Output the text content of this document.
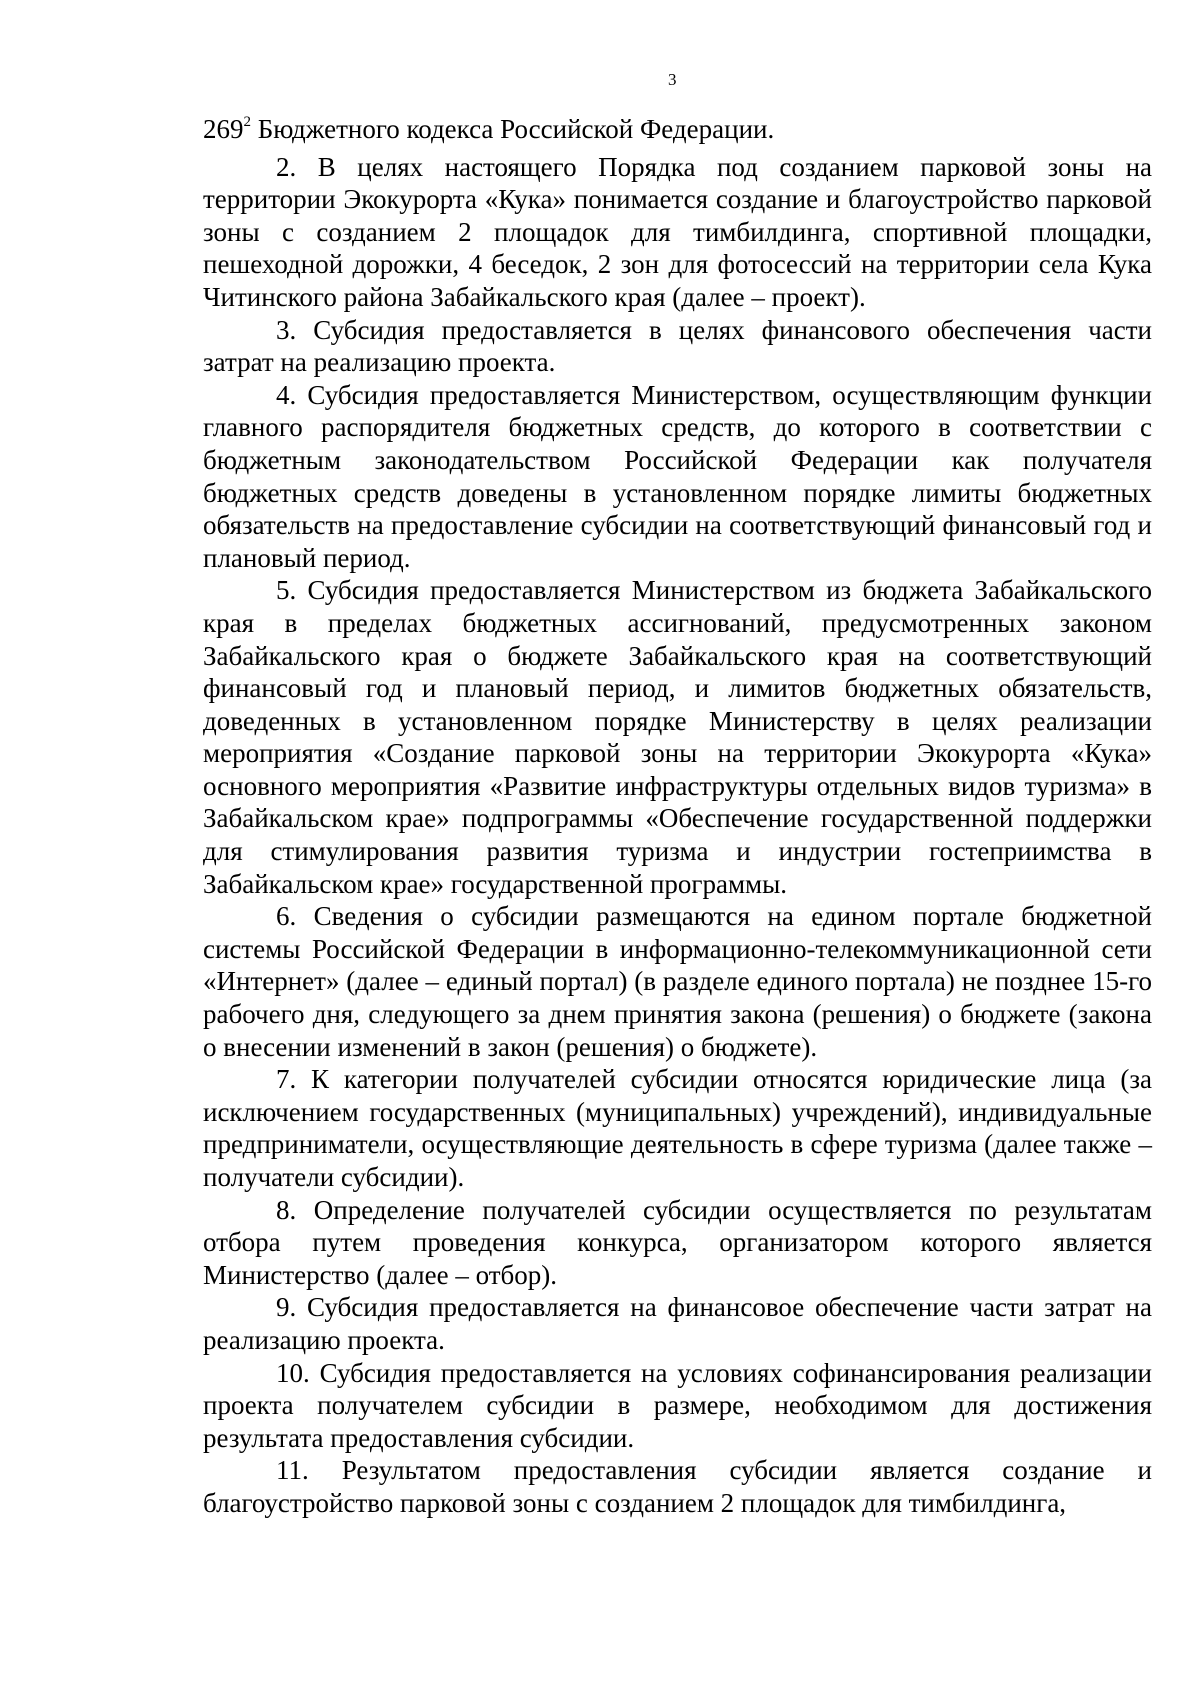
3

$269^2$ Бюджетного кодекса Российской Федерации.

2. В целях настоящего Порядка под созданием парковой зоны на территории Экокурорта «Кука» понимается создание и благоустройство парковой зоны с созданием 2 площадок для тимбилдинга, спортивной площадки, пешеходной дорожки, 4 беседок, 2 зон для фотосессий на территории села Кука Читинского района Забайкальского края (далее – проект).

3. Субсидия предоставляется в целях финансового обеспечения части затрат на реализацию проекта.

4. Субсидия предоставляется Министерством, осуществляющим функции главного распорядителя бюджетных средств, до которого в соответствии с бюджетным законодательством Российской Федерации как получателя бюджетных средств доведены в установленном порядке лимиты бюджетных обязательств на предоставление субсидии на соответствующий финансовый год и плановый период.

5. Субсидия предоставляется Министерством из бюджета Забайкальского края в пределах бюджетных ассигнований, предусмотренных законом Забайкальского края о бюджете Забайкальского края на соответствующий финансовый год и плановый период, и лимитов бюджетных обязательств, доведенных в установленном порядке Министерству в целях реализации мероприятия «Создание парковой зоны на территории Экокурорта «Кука» основного мероприятия «Развитие инфраструктуры отдельных видов туризма» в Забайкальском крае» подпрограммы «Обеспечение государственной поддержки для стимулирования развития туризма и индустрии гостеприимства в Забайкальском крае» государственной программы.

6. Сведения о субсидии размещаются на едином портале бюджетной системы Российской Федерации в информационно-телекоммуникационной сети «Интернет» (далее – единый портал) (в разделе единого портала) не позднее 15-го рабочего дня, следующего за днем принятия закона (решения) о бюджете (закона о внесении изменений в закон (решения) о бюджете).

7. К категории получателей субсидии относятся юридические лица (за исключением государственных (муниципальных) учреждений), индивидуальные предприниматели, осуществляющие деятельность в сфере туризма (далее также – получатели субсидии).

8. Определение получателей субсидии осуществляется по результатам отбора путем проведения конкурса, организатором которого является Министерство (далее – отбор).

9. Субсидия предоставляется на финансовое обеспечение части затрат на реализацию проекта.

10. Субсидия предоставляется на условиях софинансирования реализации проекта получателем субсидии в размере, необходимом для достижения результата предоставления субсидии.

11. Результатом предоставления субсидии является создание и благоустройство парковой зоны с созданием 2 площадок для тимбилдинга,
